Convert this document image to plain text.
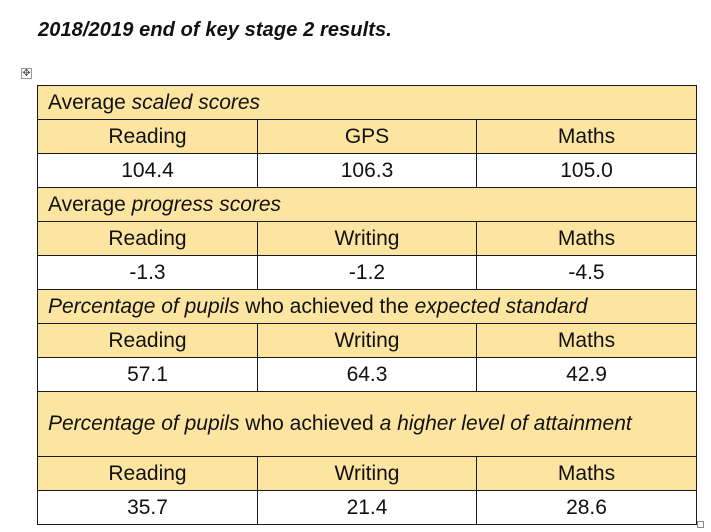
2018/2019 end of key stage 2 results.
✥
Average scaled scores		
Reading	GPS	Maths
104.4	106.3	105.0
Average progress scores		
Reading	Writing	Maths
-1.3	-1.2	-4.5
Percentage of pupils who achieved the expected standard		
Reading	Writing	Maths
57.1	64.3	42.9
Percentage of pupils who achieved a higher level of attainment		
Reading	Writing	Maths
35.7	21.4	28.6
